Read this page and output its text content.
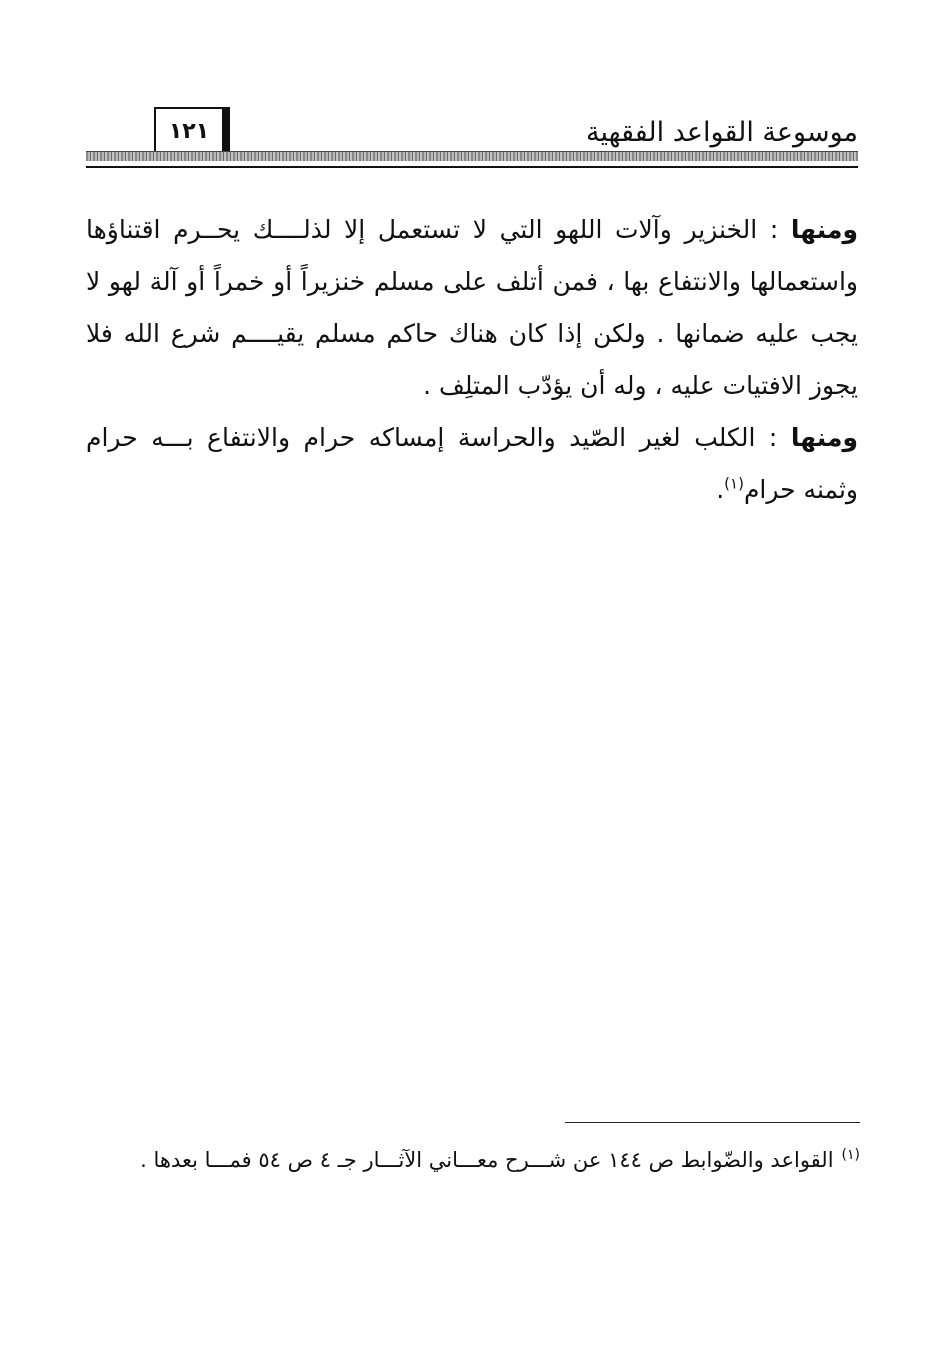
موسوعة القواعد الفقهية
١٢١

ومنها : الخنزير وآلات اللهو التي لا تستعمل إلا لذلــــك يحــرم اقتناؤها واستعمالها والانتفاع بها ، فمن أتلف على مسلم خنزيراً أو خمراً أو آلة لهو لا يجب عليه ضمانها . ولكن إذا كان هناك حاكم مسلم يقيــــم شرع الله فلا يجوز الافتيات عليه ، وله أن يؤدّب المتلِف .

ومنها : الكلب لغير الصّيد والحراسة إمساكه حرام والانتفاع بـــه حرام وثمنه حرام$^{(١)}$.

$^{(١)}$القواعد والضّوابط ص ١٤٤ عن شـــرح معـــاني الآثـــار جـ ٤ ص ٥٤ فمـــا بعدها .
